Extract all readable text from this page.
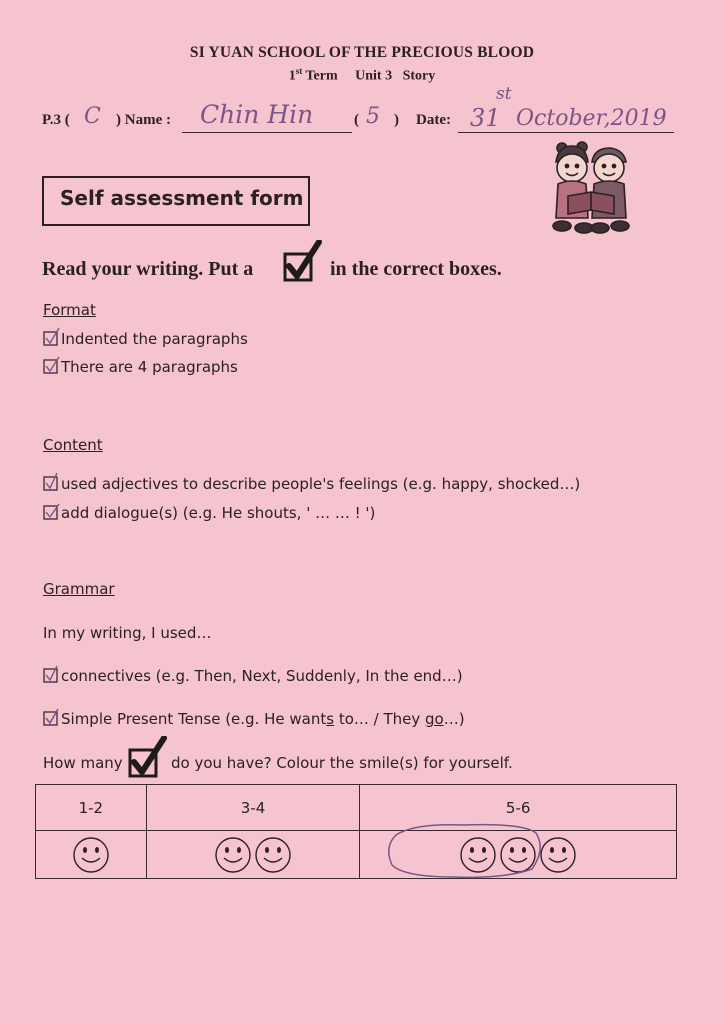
SI YUAN SCHOOL OF THE PRECIOUS BLOOD
1st Term Unit 3 Story
P.3 ( C ) Name : Chin Hin	( 5 ) Date: 31
st
October,2019
Self assessment form
Read your writing. Put a	in the correct boxes.
Format
Indented the paragraphs
There are 4 paragraphs
Content
used adjectives to describe people's feelings (e.g. happy, shocked…)
add dialogue(s) (e.g. He shouts, ' … … ! ')
Grammar
In my writing, I used…
connectives (e.g. Then, Next, Suddenly, In the end…)
Simple Present Tense (e.g. He wants to… / They go…)
How many	do you have? Colour the smile(s) for yourself.
1-2	3-4	5-6
